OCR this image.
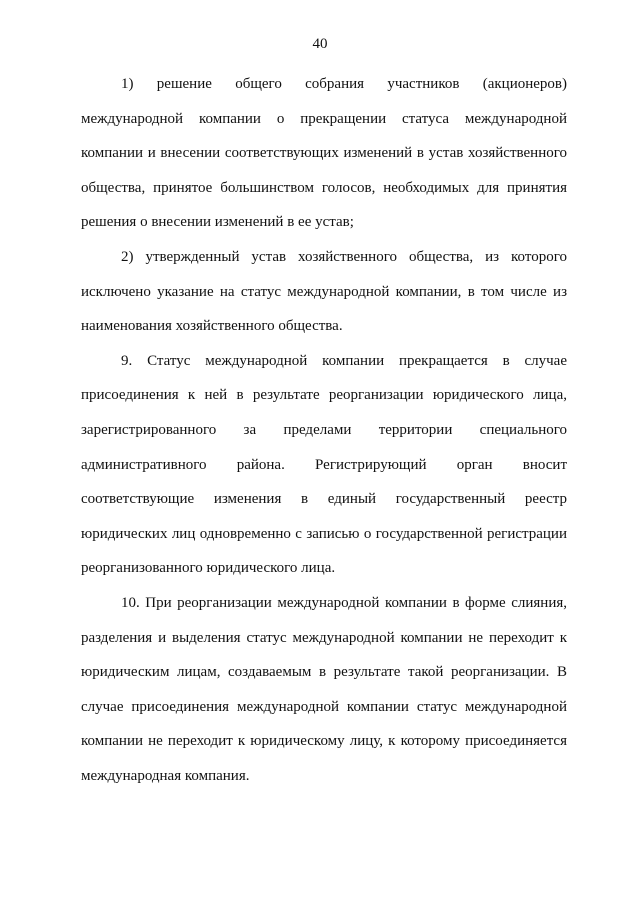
40

1) решение общего собрания участников (акционеров) международной компании о прекращении статуса международной компании и внесении соответствующих изменений в устав хозяйственного общества, принятое большинством голосов, необходимых для принятия решения о внесении изменений в ее устав;

2) утвержденный устав хозяйственного общества, из которого исключено указание на статус международной компании, в том числе из наименования хозяйственного общества.

9. Статус международной компании прекращается в случае присоединения к ней в результате реорганизации юридического лица, зарегистрированного за пределами территории специального административного района. Регистрирующий орган вносит соответствующие изменения в единый государственный реестр юридических лиц одновременно с записью о государственной регистрации реорганизованного юридического лица.

10. При реорганизации международной компании в форме слияния, разделения и выделения статус международной компании не переходит к юридическим лицам, создаваемым в результате такой реорганизации. В случае присоединения международной компании статус международной компании не переходит к юридическому лицу, к которому присоединяется международная компания.
